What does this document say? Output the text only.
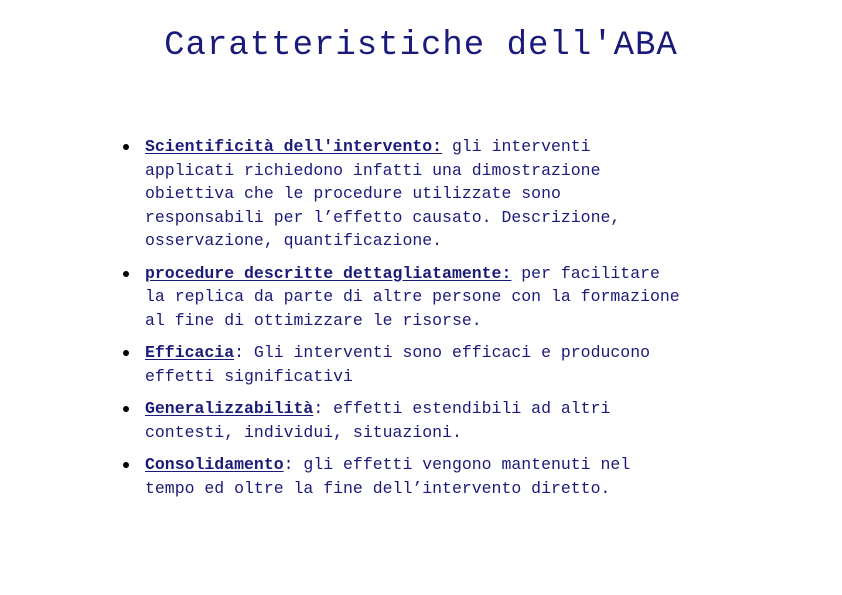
Caratteristiche dell'ABA
Scientificità dell'intervento: gli interventi
applicati richiedono infatti una dimostrazione
obiettiva che le procedure utilizzate sono
responsabili per l’effetto causato. Descrizione,
osservazione, quantificazione.
procedure descritte dettagliatamente: per facilitare
la replica da parte di altre persone con la formazione
al fine di ottimizzare le risorse.
Efficacia: Gli interventi sono efficaci e producono
effetti significativi
Generalizzabilità: effetti estendibili ad altri
contesti, individui, situazioni.
Consolidamento: gli effetti vengono mantenuti nel
tempo ed oltre la fine dell’intervento diretto.
